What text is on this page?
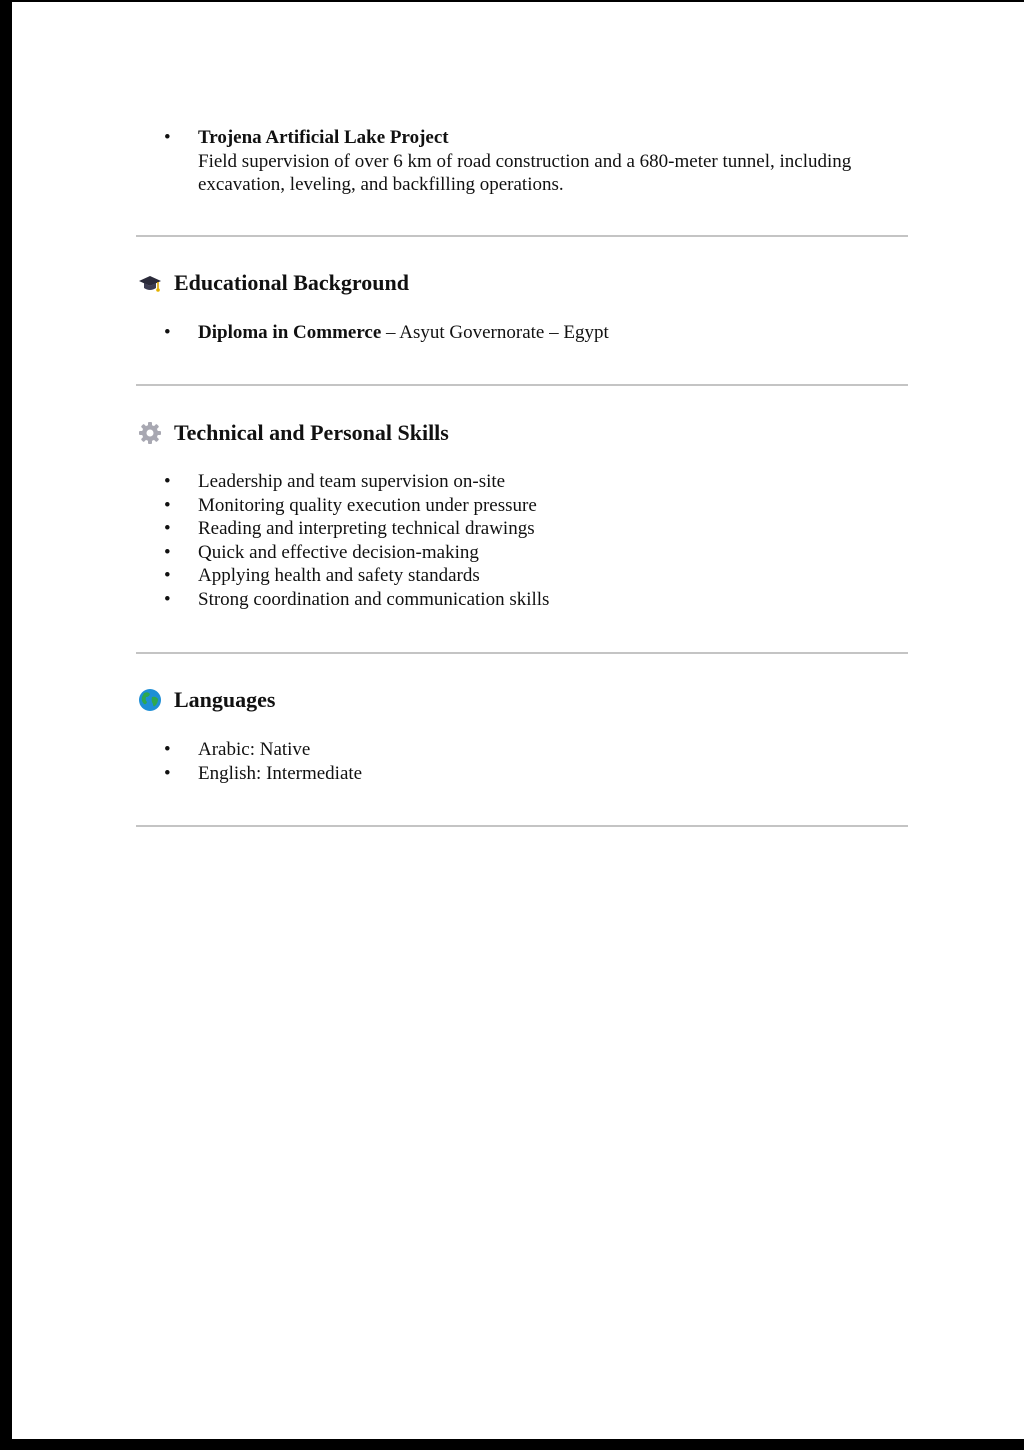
•	Trojena Artificial Lake Project
Field supervision of over 6 km of road construction and a 680-meter tunnel, including excavation, leveling, and backfilling operations.
Educational Background
•	Diploma in Commerce – Asyut Governorate – Egypt
Technical and Personal Skills
•	Leadership and team supervision on-site
•	Monitoring quality execution under pressure
•	Reading and interpreting technical drawings
•	Quick and effective decision-making
•	Applying health and safety standards
•	Strong coordination and communication skills
Languages
•	Arabic: Native
•	English: Intermediate
